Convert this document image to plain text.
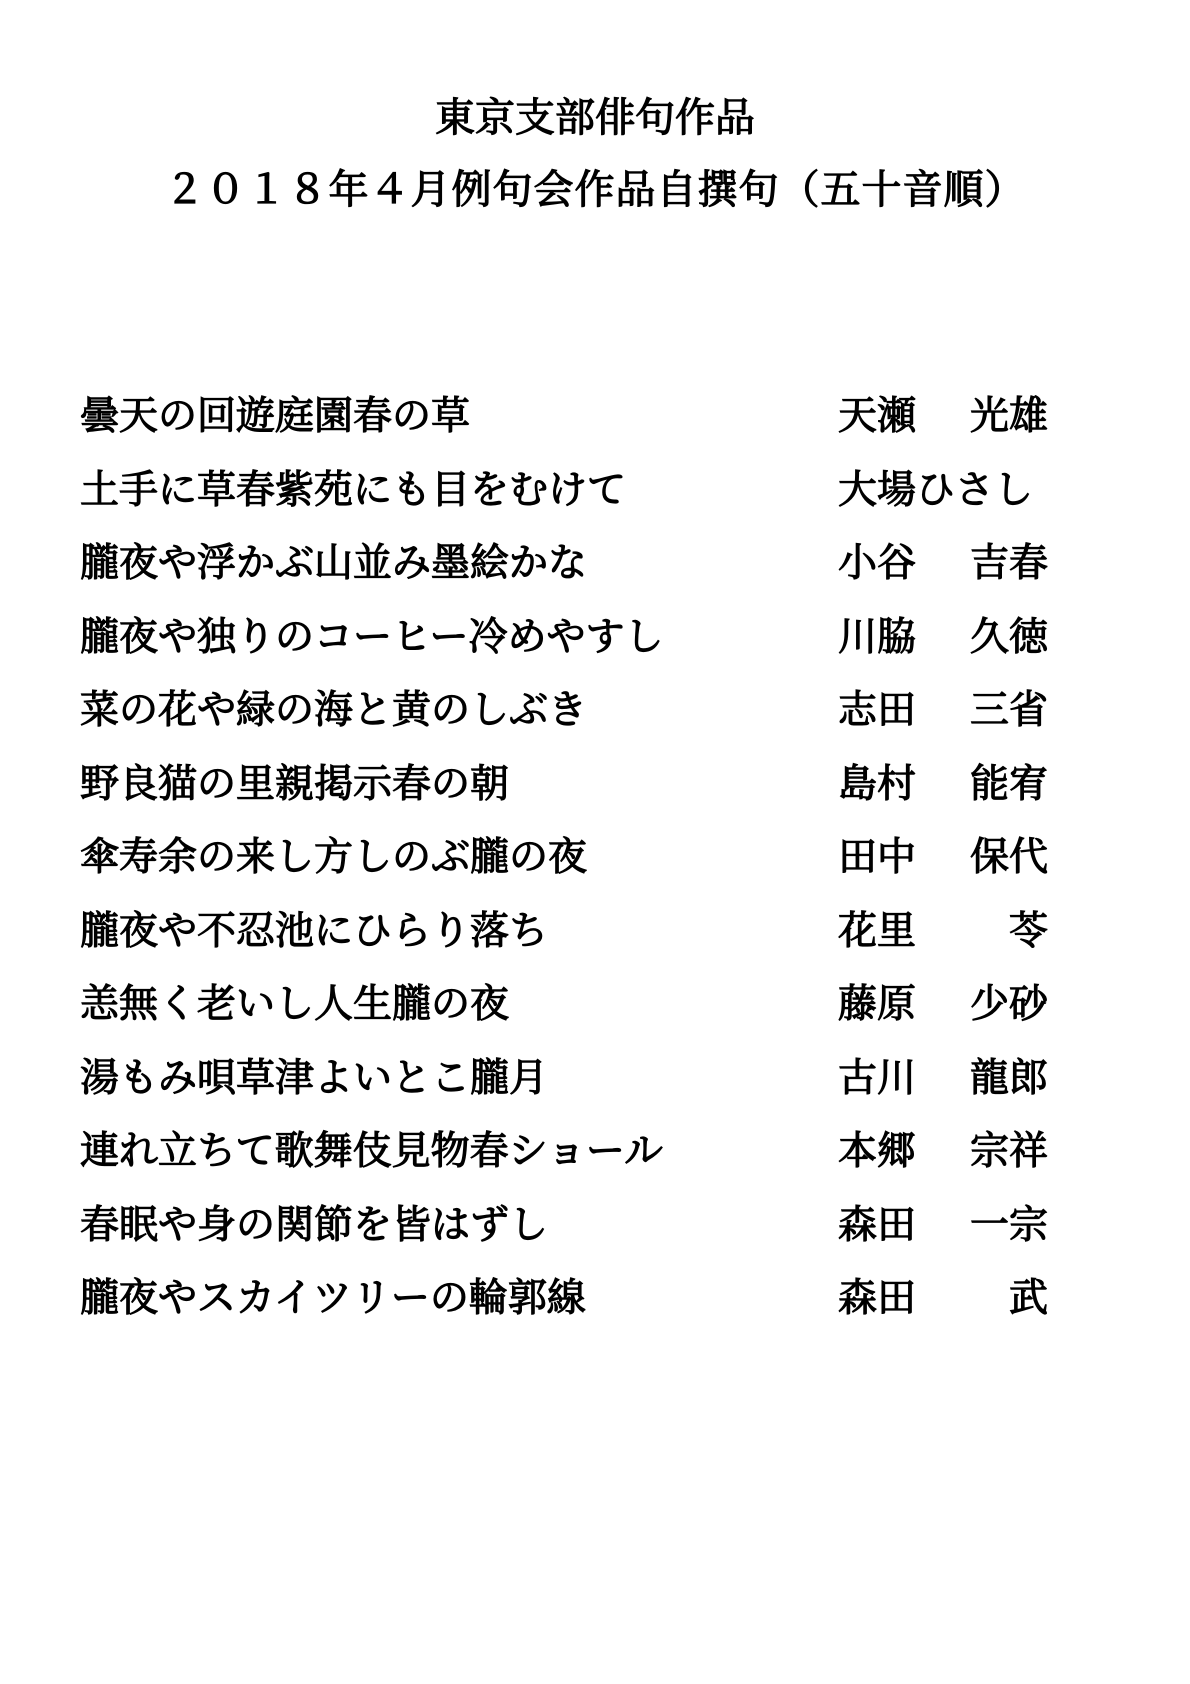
東京支部俳句作品
２０１８年４月例句会作品自撰句（五十音順）
曇天の回遊庭園春の草	天瀬 光雄
土手に草春紫苑にも目をむけて	大場ひさし
朧夜や浮かぶ山並み墨絵かな	小谷 吉春
朧夜や独りのコーヒー冷めやすし	川脇 久徳
菜の花や緑の海と黄のしぶき	志田 三省
野良猫の里親掲示春の朝	島村 能宥
傘寿余の来し方しのぶ朧の夜	田中 保代
朧夜や不忍池にひらり落ち	花里 苓
恙無く老いし人生朧の夜	藤原 少砂
湯もみ唄草津よいとこ朧月	古川 龍郎
連れ立ちて歌舞伎見物春ショール	本郷 宗祥
春眠や身の関節を皆はずし	森田 一宗
朧夜やスカイツリーの輪郭線	森田 武
